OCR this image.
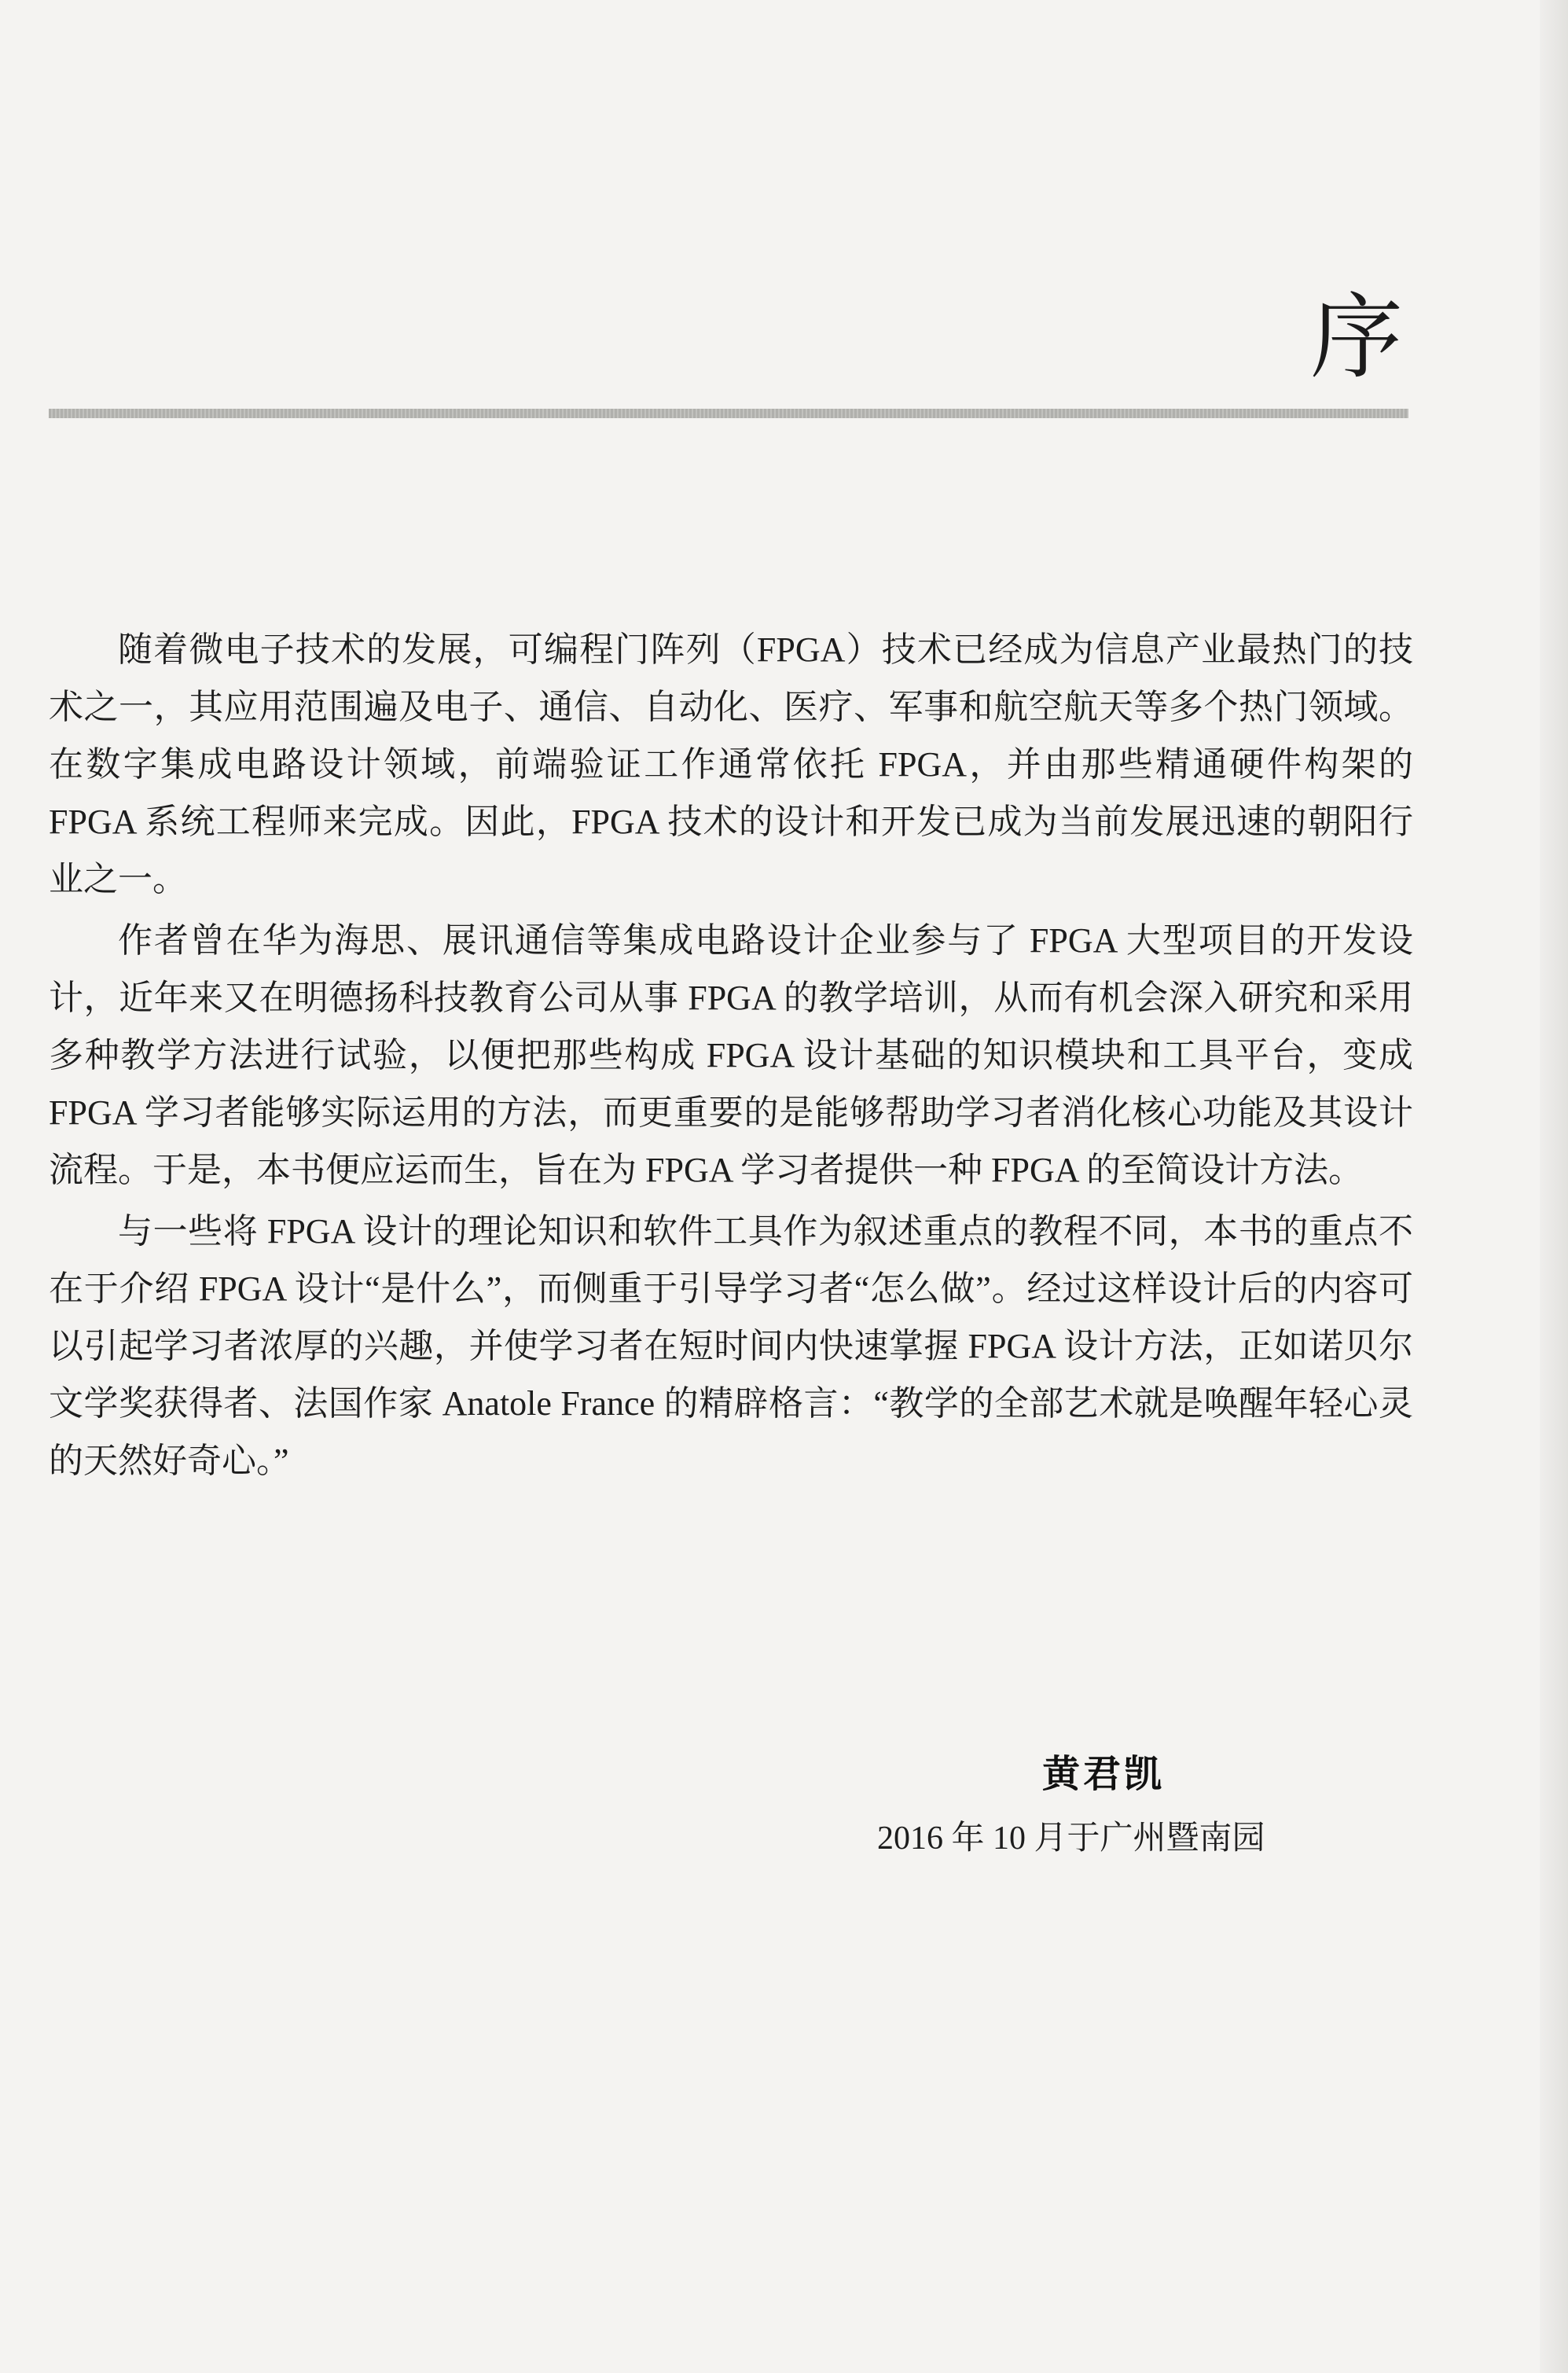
序

随着微电子技术的发展，可编程门阵列（FPGA）技术已经成为信息产业最热门的技术之一，其应用范围遍及电子、通信、自动化、医疗、军事和航空航天等多个热门领域。在数字集成电路设计领域，前端验证工作通常依托 FPGA，并由那些精通硬件构架的 FPGA 系统工程师来完成。因此，FPGA 技术的设计和开发已成为当前发展迅速的朝阳行业之一。

作者曾在华为海思、展讯通信等集成电路设计企业参与了 FPGA 大型项目的开发设计，近年来又在明德扬科技教育公司从事 FPGA 的教学培训，从而有机会深入研究和采用多种教学方法进行试验，以便把那些构成 FPGA 设计基础的知识模块和工具平台，变成 FPGA 学习者能够实际运用的方法，而更重要的是能够帮助学习者消化核心功能及其设计流程。于是，本书便应运而生，旨在为 FPGA 学习者提供一种 FPGA 的至简设计方法。

与一些将 FPGA 设计的理论知识和软件工具作为叙述重点的教程不同，本书的重点不在于介绍 FPGA 设计“是什么”，而侧重于引导学习者“怎么做”。经过这样设计后的内容可以引起学习者浓厚的兴趣，并使学习者在短时间内快速掌握 FPGA 设计方法，正如诺贝尔文学奖获得者、法国作家 Anatole France 的精辟格言：“教学的全部艺术就是唤醒年轻心灵的天然好奇心。”

黄君凯
2016 年 10 月于广州暨南园
